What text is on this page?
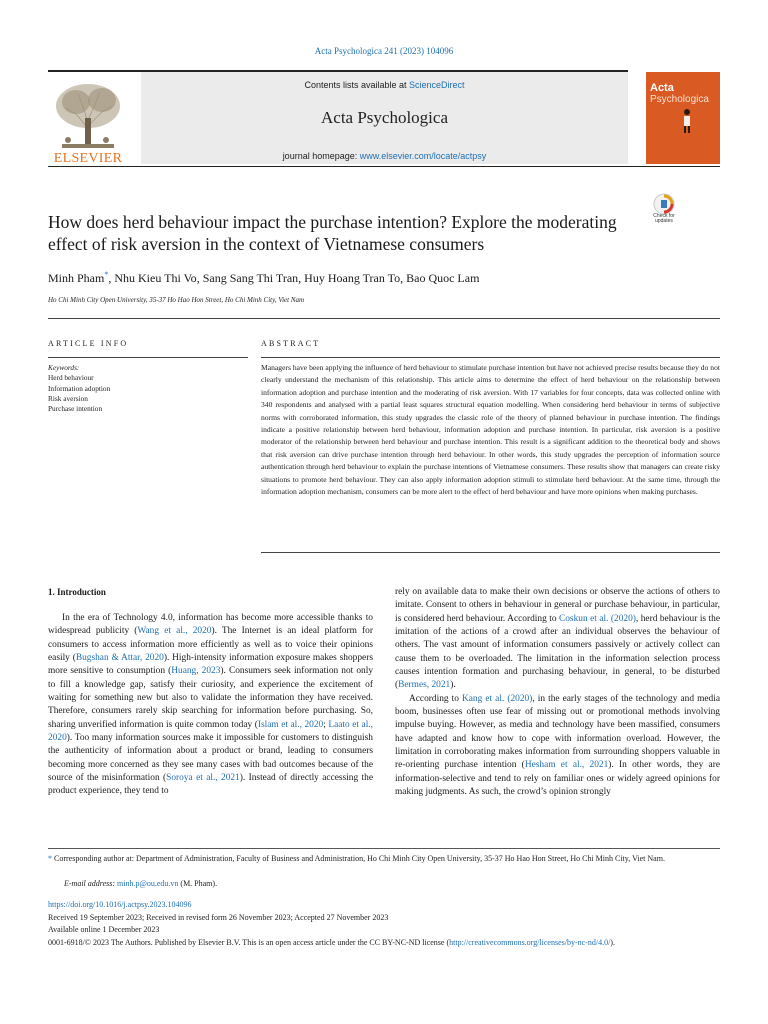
Acta Psychologica 241 (2023) 104096
ELSEVIER
Contents lists available at ScienceDirect
Acta Psychologica
journal homepage: www.elsevier.com/locate/actpsy
Acta
Psychologica
Check for
updates
How does herd behaviour impact the purchase intention? Explore the moderating effect of risk aversion in the context of Vietnamese consumers
Minh Pham*, Nhu Kieu Thi Vo, Sang Sang Thi Tran, Huy Hoang Tran To, Bao Quoc Lam
Ho Chi Minh City Open University, 35-37 Ho Hao Hon Street, Ho Chi Minh City, Viet Nam
ARTICLE INFO	ABSTRACT
Keywords:
Herd behaviour
Information adoption
Risk aversion
Purchase intention
Managers have been applying the influence of herd behaviour to stimulate purchase intention but have not achieved precise results because they do not clearly understand the mechanism of this relationship. This article aims to determine the effect of herd behaviour on the relationship between information adoption and purchase intention and the moderating of risk aversion. With 17 variables for four concepts, data was collected online with 340 respondents and analysed with a partial least squares structural equation modelling. When considering herd behaviour in terms of subjective norms with corroborated information, this study upgrades the classic role of the theory of planned behaviour in purchase intention. The findings indicate a positive relationship between herd behaviour, information adoption and purchase intention. In particular, risk aversion is a positive moderator of the relationship between herd behaviour and purchase intention. This result is a significant addition to the theoretical body and shows that risk aversion can drive purchase intention through herd behaviour. In other words, this study upgrades the perception of information source authentication through herd behaviour to explain the purchase intentions of Vietnamese consumers. These results show that managers can create risky situations to promote herd behaviour. They can also apply information adoption stimuli to stimulate herd behaviour. At the same time, through the information adoption mechanism, consumers can be more alert to the effect of herd behaviour and have more opinions when making purchases.
1. Introduction
In the era of Technology 4.0, information has become more accessible thanks to widespread publicity (Wang et al., 2020). The Internet is an ideal platform for consumers to access information more efficiently as well as to voice their opinions easily (Bugshan & Attar, 2020). High-intensity information exposure makes shoppers more sensitive to consumption (Huang, 2023). Consumers seek information not only to fill a knowledge gap, satisfy their curiosity, and experience the excitement of waiting for something new but also to validate the information they have received. Therefore, consumers rarely skip searching for information before purchasing. So, sharing unverified information is quite common today (Islam et al., 2020; Laato et al., 2020). Too many information sources make it impossible for customers to distinguish the authenticity of information about a product or brand, leading to consumers becoming more concerned as they see many cases with bad outcomes because of the source of the misinformation (Soroya et al., 2021). Instead of directly accessing the product experience, they tend to

rely on available data to make their own decisions or observe the actions of others to imitate. Consent to others in behaviour in general or purchase behaviour, in particular, is considered herd behaviour. According to Coskun et al. (2020), herd behaviour is the imitation of the actions of a crowd after an individual observes the behaviour of others. The vast amount of information consumers passively or actively collect can cause them to be overloaded. The limitation in the information selection process causes intention formation and purchasing behaviour, in general, to be disturbed (Bermes, 2021).

According to Kang et al. (2020), in the early stages of the technology and media boom, businesses often use fear of missing out or promotional methods involving impulse buying. However, as media and technology have been massified, consumers have adapted and know how to cope with information overload. However, the limitation in corroborating makes information from surrounding shoppers valuable in re-orienting purchase intention (Hesham et al., 2021). In other words, they are information-selective and tend to rely on familiar ones or widely agreed opinions for making judgments. As such, the crowd’s opinion strongly

* Corresponding author at: Department of Administration, Faculty of Business and Administration, Ho Chi Minh City Open University, 35-37 Ho Hao Hon Street, Ho Chi Minh City, Viet Nam.
E-mail address: minh.p@ou.edu.vn (M. Pham).
https://doi.org/10.1016/j.actpsy.2023.104096
Received 19 September 2023; Received in revised form 26 November 2023; Accepted 27 November 2023
Available online 1 December 2023
0001-6918/© 2023 The Authors. Published by Elsevier B.V. This is an open access article under the CC BY-NC-ND license (http://creativecommons.org/licenses/by-nc-nd/4.0/).
